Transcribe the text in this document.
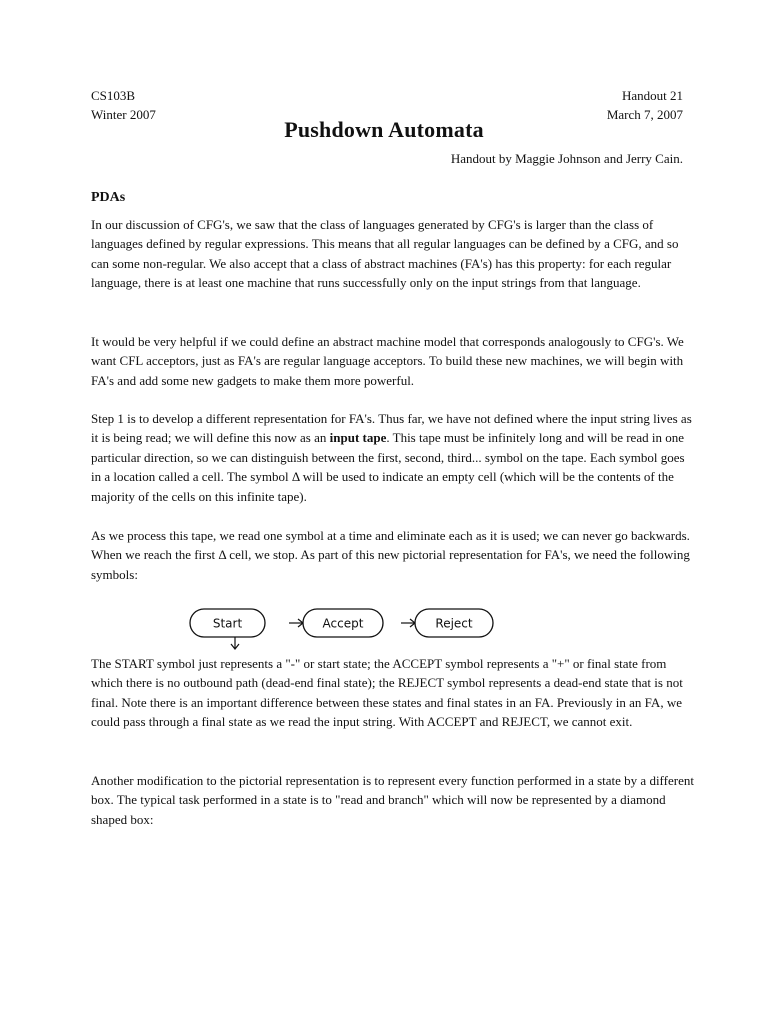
CS103B
Winter 2007
Handout 21
March 7, 2007
Pushdown Automata
Handout by Maggie Johnson and Jerry Cain.
PDAs

In our discussion of CFG's, we saw that the class of languages generated by CFG's is larger than the class of languages defined by regular expressions. This means that all regular languages can be defined by a CFG, and so can some non-regular. We also accept that a class of abstract machines (FA's) has this property: for each regular language, there is at least one machine that runs successfully only on the input strings from that language.

It would be very helpful if we could define an abstract machine model that corresponds analogously to CFG's. We want CFL acceptors, just as FA's are regular language acceptors. To build these new machines, we will begin with FA's and add some new gadgets to make them more powerful.

Step 1 is to develop a different representation for FA's. Thus far, we have not defined where the input string lives as it is being read; we will define this now as an input tape. This tape must be infinitely long and will be read in one particular direction, so we can distinguish between the first, second, third... symbol on the tape. Each symbol goes in a location called a cell. The symbol Δ will be used to indicate an empty cell (which will be the contents of the majority of the cells on this infinite tape).

As we process this tape, we read one symbol at a time and eliminate each as it is used; we can never go backwards. When we reach the first Δ cell, we stop. As part of this new pictorial representation for FA's, we need the following symbols:

Start	Accept	Reject

The START symbol just represents a "-" or start state; the ACCEPT symbol represents a "+" or final state from which there is no outbound path (dead-end final state); the REJECT symbol represents a dead-end state that is not final. Note there is an important difference between these states and final states in an FA. Previously in an FA, we could pass through a final state as we read the input string. With ACCEPT and REJECT, we cannot exit.

Another modification to the pictorial representation is to represent every function performed in a state by a different box. The typical task performed in a state is to "read and branch" which will now be represented by a diamond shaped box:
